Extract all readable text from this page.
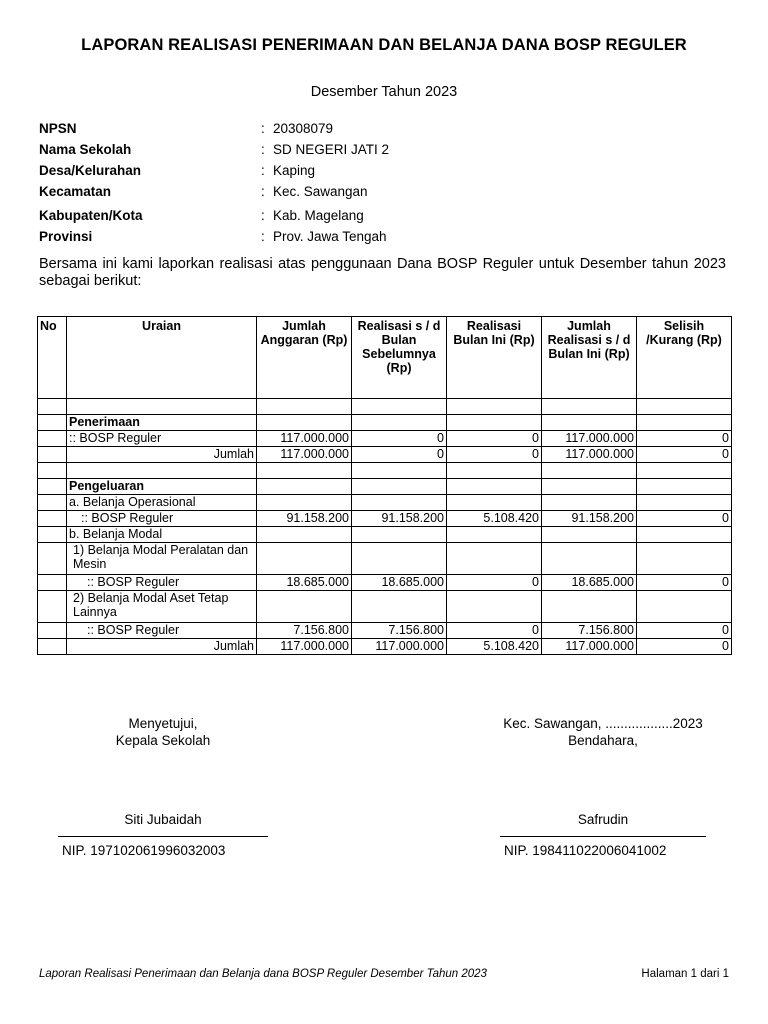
LAPORAN REALISASI PENERIMAAN DAN BELANJA DANA BOSP REGULER
Desember Tahun 2023
NPSN	: 20308079
Nama Sekolah	: SD NEGERI JATI 2
Desa/Kelurahan	: Kaping
Kecamatan	: Kec. Sawangan
Kabupaten/Kota	: Kab. Magelang
Provinsi	: Prov. Jawa Tengah
Bersama ini kami laporkan realisasi atas penggunaan Dana BOSP Reguler untuk Desember tahun 2023 sebagai berikut:
No	Uraian	Jumlah Anggaran (Rp)	Realisasi s / d Bulan Sebelumnya (Rp)	Realisasi Bulan Ini (Rp)	Jumlah Realisasi s / d Bulan Ini (Rp)	Selisih /Kurang (Rp)

	Penerimaan					
	:: BOSP Reguler	117.000.000	0	0	117.000.000	0
	Jumlah	117.000.000	0	0	117.000.000	0

	Pengeluaran					
	a. Belanja Operasional					
	:: BOSP Reguler	91.158.200	91.158.200	5.108.420	91.158.200	0
	b. Belanja Modal					
	1) Belanja Modal Peralatan dan Mesin					
	:: BOSP Reguler	18.685.000	18.685.000	0	18.685.000	0
	2) Belanja Modal Aset Tetap Lainnya					
	:: BOSP Reguler	7.156.800	7.156.800	0	7.156.800	0
	Jumlah	117.000.000	117.000.000	5.108.420	117.000.000	0
Menyetujui,
Kepala Sekolah
Siti Jubaidah
NIP. 197102061996032003
Kec. Sawangan, ..................2023
Bendahara,
Safrudin
NIP. 198411022006041002
Laporan Realisasi Penerimaan dan Belanja dana BOSP Reguler Desember Tahun 2023	Halaman 1 dari 1
